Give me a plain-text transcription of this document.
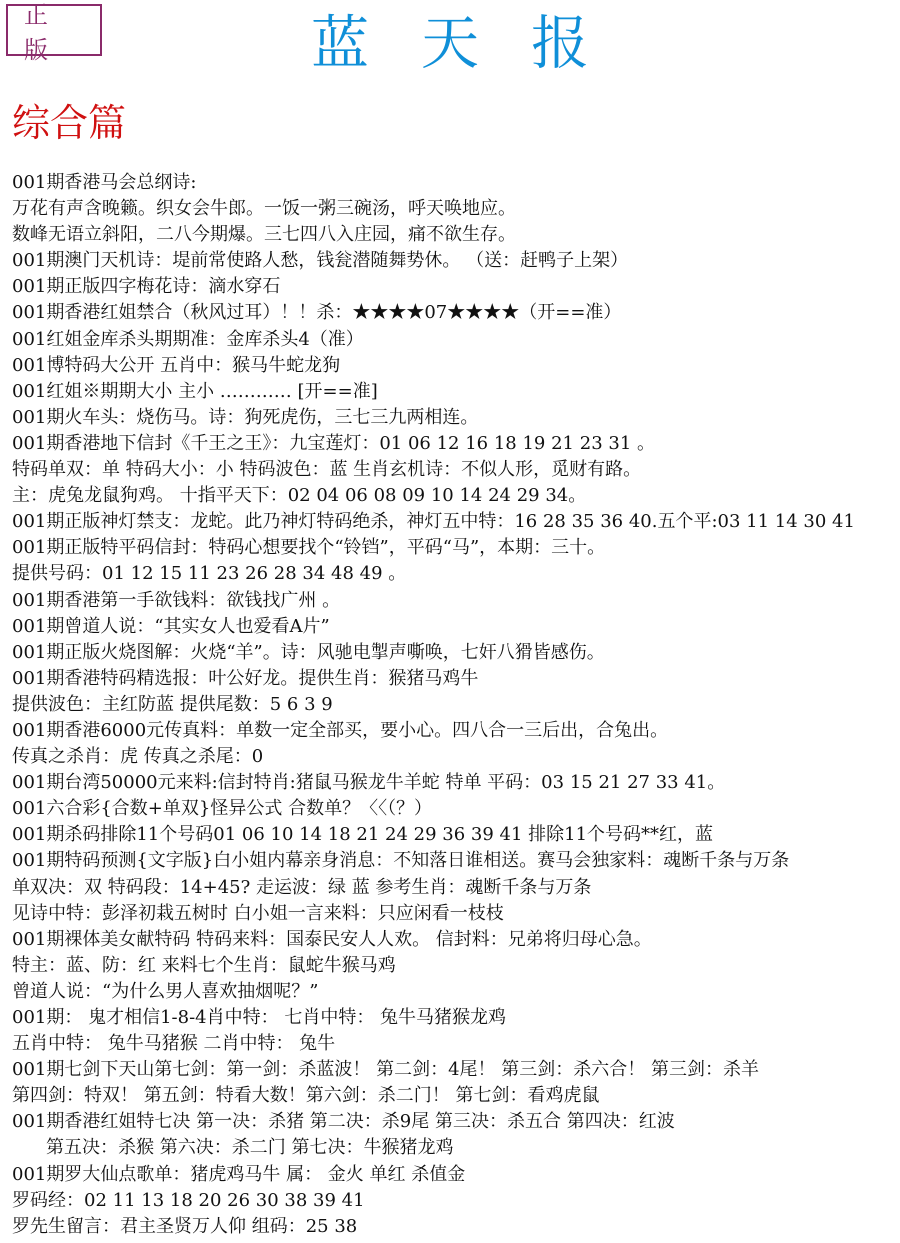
正 版	蓝天报
综合篇
001期香港马会总纲诗:
万花有声含晚籁。织女会牛郎。一饭一粥三碗汤，呼天唤地应。
数峰无语立斜阳，二八今期爆。三七四八入庄园，痛不欲生存。
001期澳门天机诗：堤前常使路人愁，钱瓮潜随舞势休。 （送：赶鸭子上架）
001期正版四字梅花诗：滴水穿石
001期香港红姐禁合（秋风过耳）！！杀：★★★★07★★★★（开==准）
001红姐金库杀头期期准：金库杀头4（准）
001博特码大公开 五肖中：猴马牛蛇龙狗
001红姐※期期大小 主小 ………… [开==准]
001期火车头：烧伤马。诗：狗死虎伤，三七三九两相连。
001期香港地下信封《千王之王》：九宝莲灯：01 06 12 16 18 19 21 23 31 。
特码单双：单 特码大小：小 特码波色：蓝 生肖玄机诗：不似人形，觅财有路。
主：虎兔龙鼠狗鸡。 十指平天下：02 04 06 08 09 10 14 24 29 34。
001期正版神灯禁支：龙蛇。此乃神灯特码绝杀，神灯五中特：16 28 35 36 40.五个平:03 11 14 30 41
001期正版特平码信封：特码心想要找个“铃铛”，平码“马”，本期：三十。
提供号码：01 12 15 11 23 26 28 34 48 49 。
001期香港第一手欲钱料：欲钱找广州 。
001期曾道人说：“其实女人也爱看A片”
001期正版火烧图解：火烧“羊”。诗：风驰电掣声嘶唤，七奸八猾皆感伤。
001期香港特码精选报：叶公好龙。提供生肖：猴猪马鸡牛
提供波色：主红防蓝 提供尾数：5 6 3 9
001期香港6000元传真料：单数一定全部买，要小心。四八合一三后出，合兔出。
传真之杀肖：虎 传真之杀尾：0
001期台湾50000元来料:信封特肖:猪鼠马猴龙牛羊蛇 特单 平码：03 15 21 27 33 41。
001六合彩{合数+单双}怪异公式 合数单？〈〈（？）
001期杀码排除11个号码01 06 10 14 18 21 24 29 36 39 41 排除11个号码**红，蓝
001期特码预测{文字版}白小姐内幕亲身消息：不知落日谁相送。赛马会独家料：魂断千条与万条
单双决：双 特码段：14+45? 走运波：绿 蓝 参考生肖：魂断千条与万条
见诗中特：彭泽初栽五树时 白小姐一言来料：只应闲看一枝枝
001期裸体美女献特码 特码来料：国泰民安人人欢。 信封料：兄弟将归母心急。
特主：蓝、防：红 来料七个生肖：鼠蛇牛猴马鸡
曾道人说：“为什么男人喜欢抽烟呢？”
001期： 鬼才相信1-8-4肖中特： 七肖中特： 兔牛马猪猴龙鸡
五肖中特： 兔牛马猪猴 二肖中特： 兔牛
001期七剑下天山第七剑：第一剑：杀蓝波！ 第二剑：4尾！ 第三剑：杀六合！ 第三剑：杀羊
第四剑：特双！ 第五剑：特看大数！第六剑：杀二门！ 第七剑：看鸡虎鼠
001期香港红姐特七决 第一决：杀猪 第二决：杀9尾 第三决：杀五合 第四决：红波
第五决：杀猴 第六决：杀二门 第七决：牛猴猪龙鸡
001期罗大仙点歌单：猪虎鸡马牛 属： 金火 单红 杀值金
罗码经：02 11 13 18 20 26 30 38 39 41
罗先生留言：君主圣贤万人仰 组码：25 38
